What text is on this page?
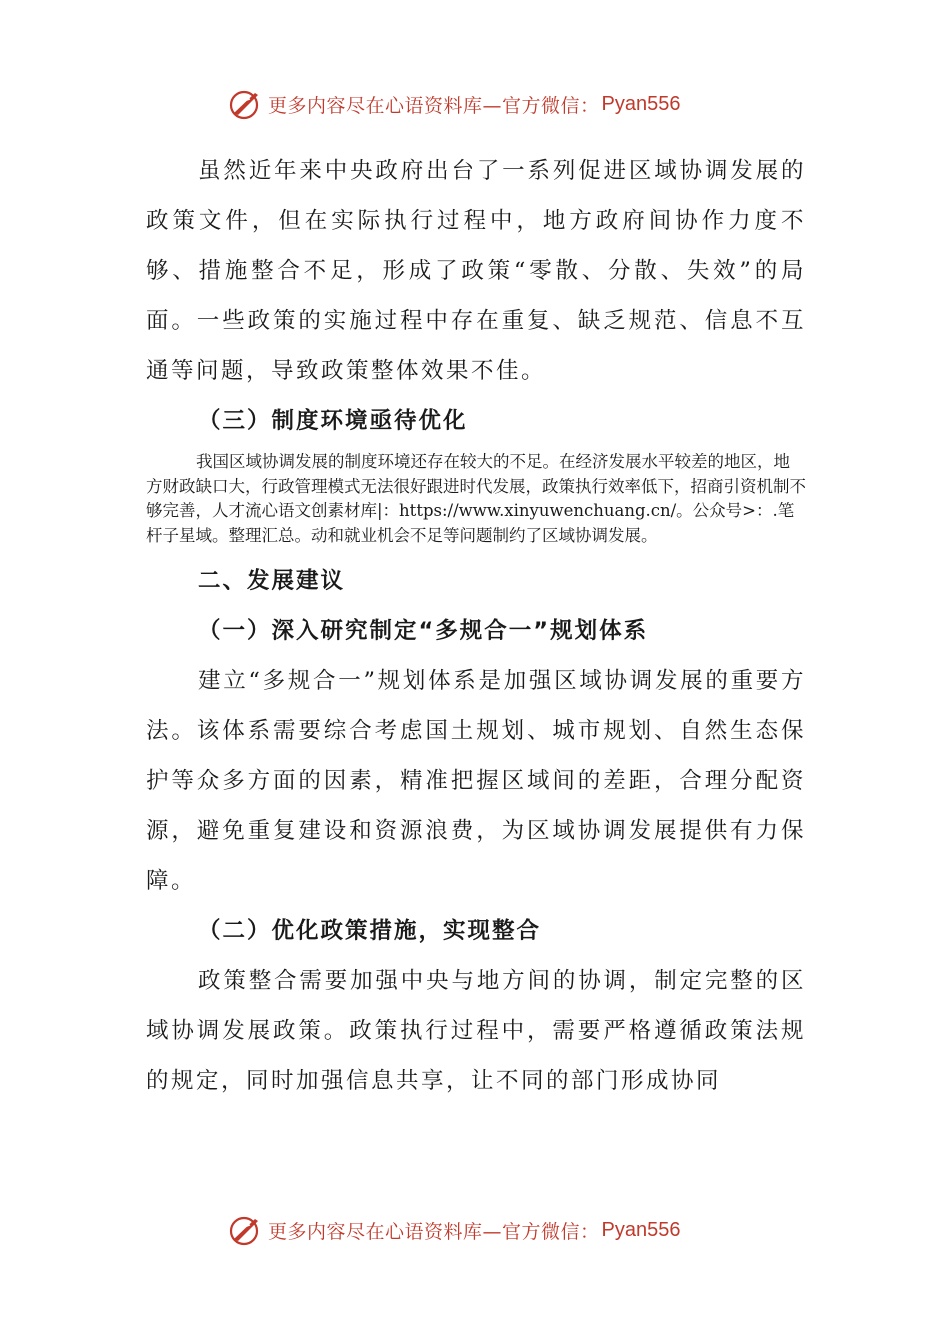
更多内容尽在心语资料库—官方微信： Pyan556

虽然近年来中央政府出台了一系列促进区域协调发展的政策文件，但在实际执行过程中，地方政府间协作力度不够、措施整合不足，形成了政策“零散、分散、失效”的局面。一些政策的实施过程中存在重复、缺乏规范、信息不互通等问题，导致政策整体效果不佳。

（三）制度环境亟待优化

我国区域协调发展的制度环境还存在较大的不足。在经济发展水平较差的地区，地方财政缺口大，行政管理模式无法很好跟进时代发展，政策执行效率低下，招商引资机制不够完善，人才流心语文创素材库|：https://www.xinyuwenchuang.cn/。公众号>：.笔杆子星域。整理汇总。动和就业机会不足等问题制约了区域协调发展。

二、发展建议

（一）深入研究制定“多规合一”规划体系

建立“多规合一”规划体系是加强区域协调发展的重要方法。该体系需要综合考虑国土规划、城市规划、自然生态保护等众多方面的因素，精准把握区域间的差距，合理分配资源，避免重复建设和资源浪费，为区域协调发展提供有力保障。

（二）优化政策措施，实现整合

政策整合需要加强中央与地方间的协调，制定完整的区域协调发展政策。政策执行过程中，需要严格遵循政策法规的规定，同时加强信息共享，让不同的部门形成协同

更多内容尽在心语资料库—官方微信： Pyan556
